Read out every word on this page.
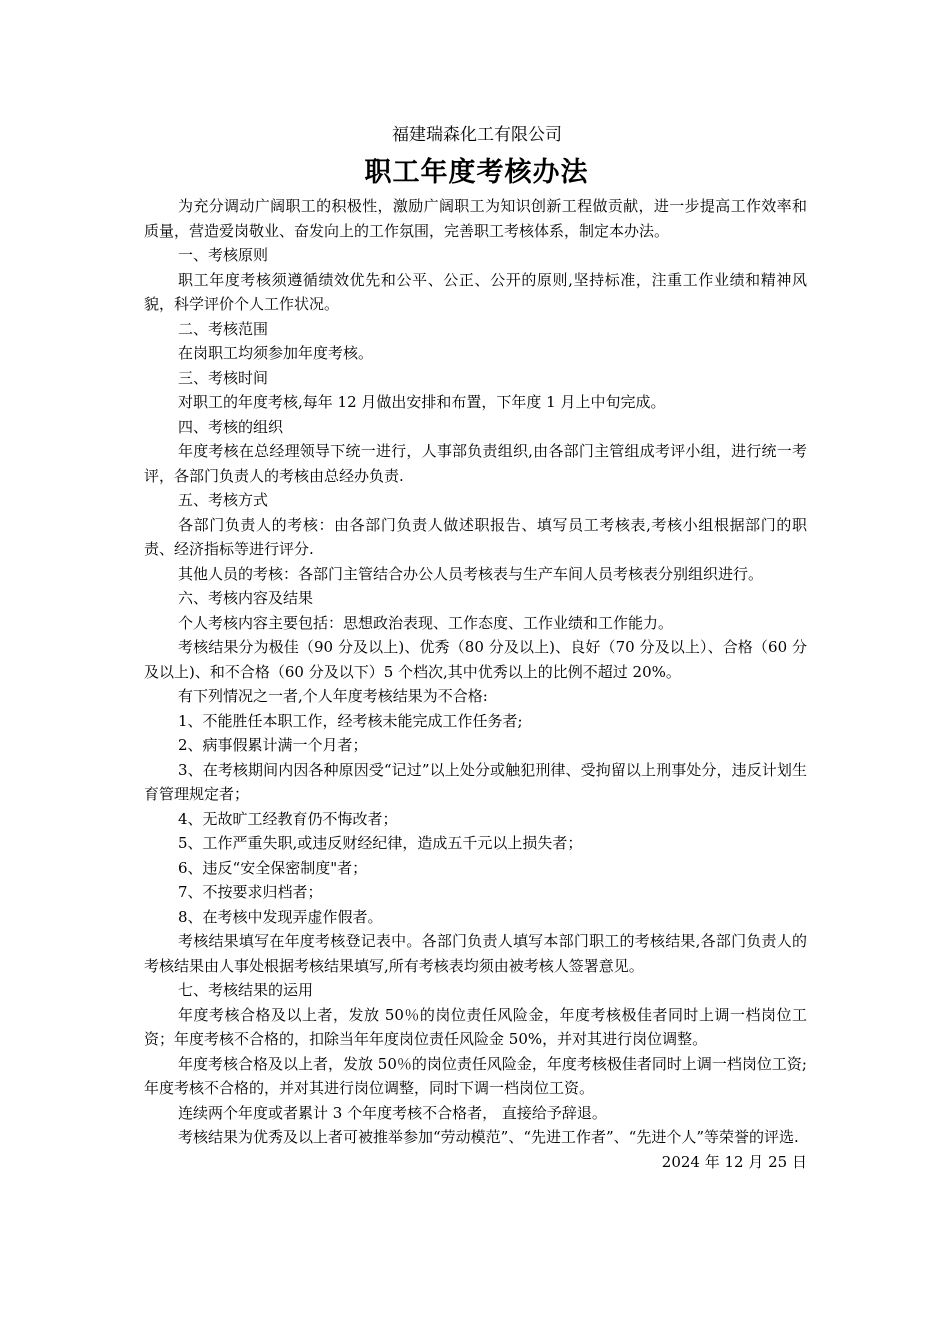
福建瑞森化工有限公司
职工年度考核办法

为充分调动广阔职工的积极性，激励广阔职工为知识创新工程做贡献，进一步提高工作效率和质量，营造爱岗敬业、奋发向上的工作氛围，完善职工考核体系，制定本办法。

一、考核原则

职工年度考核须遵循绩效优先和公平、公正、公开的原则,坚持标准，注重工作业绩和精神风貌，科学评价个人工作状况。

二、考核范围

在岗职工均须参加年度考核。

三、考核时间

对职工的年度考核,每年 12 月做出安排和布置，下年度 1 月上中旬完成。

四、考核的组织

年度考核在总经理领导下统一进行，人事部负责组织,由各部门主管组成考评小组，进行统一考评，各部门负责人的考核由总经办负责.

五、考核方式

各部门负责人的考核：由各部门负责人做述职报告、填写员工考核表,考核小组根据部门的职责、经济指标等进行评分.

其他人员的考核：各部门主管结合办公人员考核表与生产车间人员考核表分别组织进行。

六、考核内容及结果

个人考核内容主要包括：思想政治表现、工作态度、工作业绩和工作能力。

考核结果分为极佳（90 分及以上)、优秀（80 分及以上)、良好（70 分及以上）、合格（60 分及以上)、和不合格（60 分及以下）5 个档次,其中优秀以上的比例不超过 20%。

有下列情况之一者,个人年度考核结果为不合格:

1、不能胜任本职工作，经考核未能完成工作任务者;

2、病事假累计满一个月者；

3、在考核期间内因各种原因受“记过”以上处分或触犯刑律、受拘留以上刑事处分，违反计划生育管理规定者；

4、无故旷工经教育仍不悔改者；

5、工作严重失职,或违反财经纪律，造成五千元以上损失者；

6、违反“安全保密制度"者；

7、不按要求归档者；

8、在考核中发现弄虚作假者。

考核结果填写在年度考核登记表中。各部门负责人填写本部门职工的考核结果,各部门负责人的考核结果由人事处根据考核结果填写,所有考核表均须由被考核人签署意见。

七、考核结果的运用

年度考核合格及以上者，发放 50％的岗位责任风险金，年度考核极佳者同时上调一档岗位工资；年度考核不合格的，扣除当年年度岗位责任风险金 50%，并对其进行岗位调整。

年度考核合格及以上者，发放 50％的岗位责任风险金，年度考核极佳者同时上调一档岗位工资;年度考核不合格的，并对其进行岗位调整，同时下调一档岗位工资。

连续两个年度或者累计 3 个年度考核不合格者， 直接给予辞退。

考核结果为优秀及以上者可被推举参加“劳动模范”、“先进工作者”、“先进个人”等荣誉的评选.

2024 年 12 月 25 日
